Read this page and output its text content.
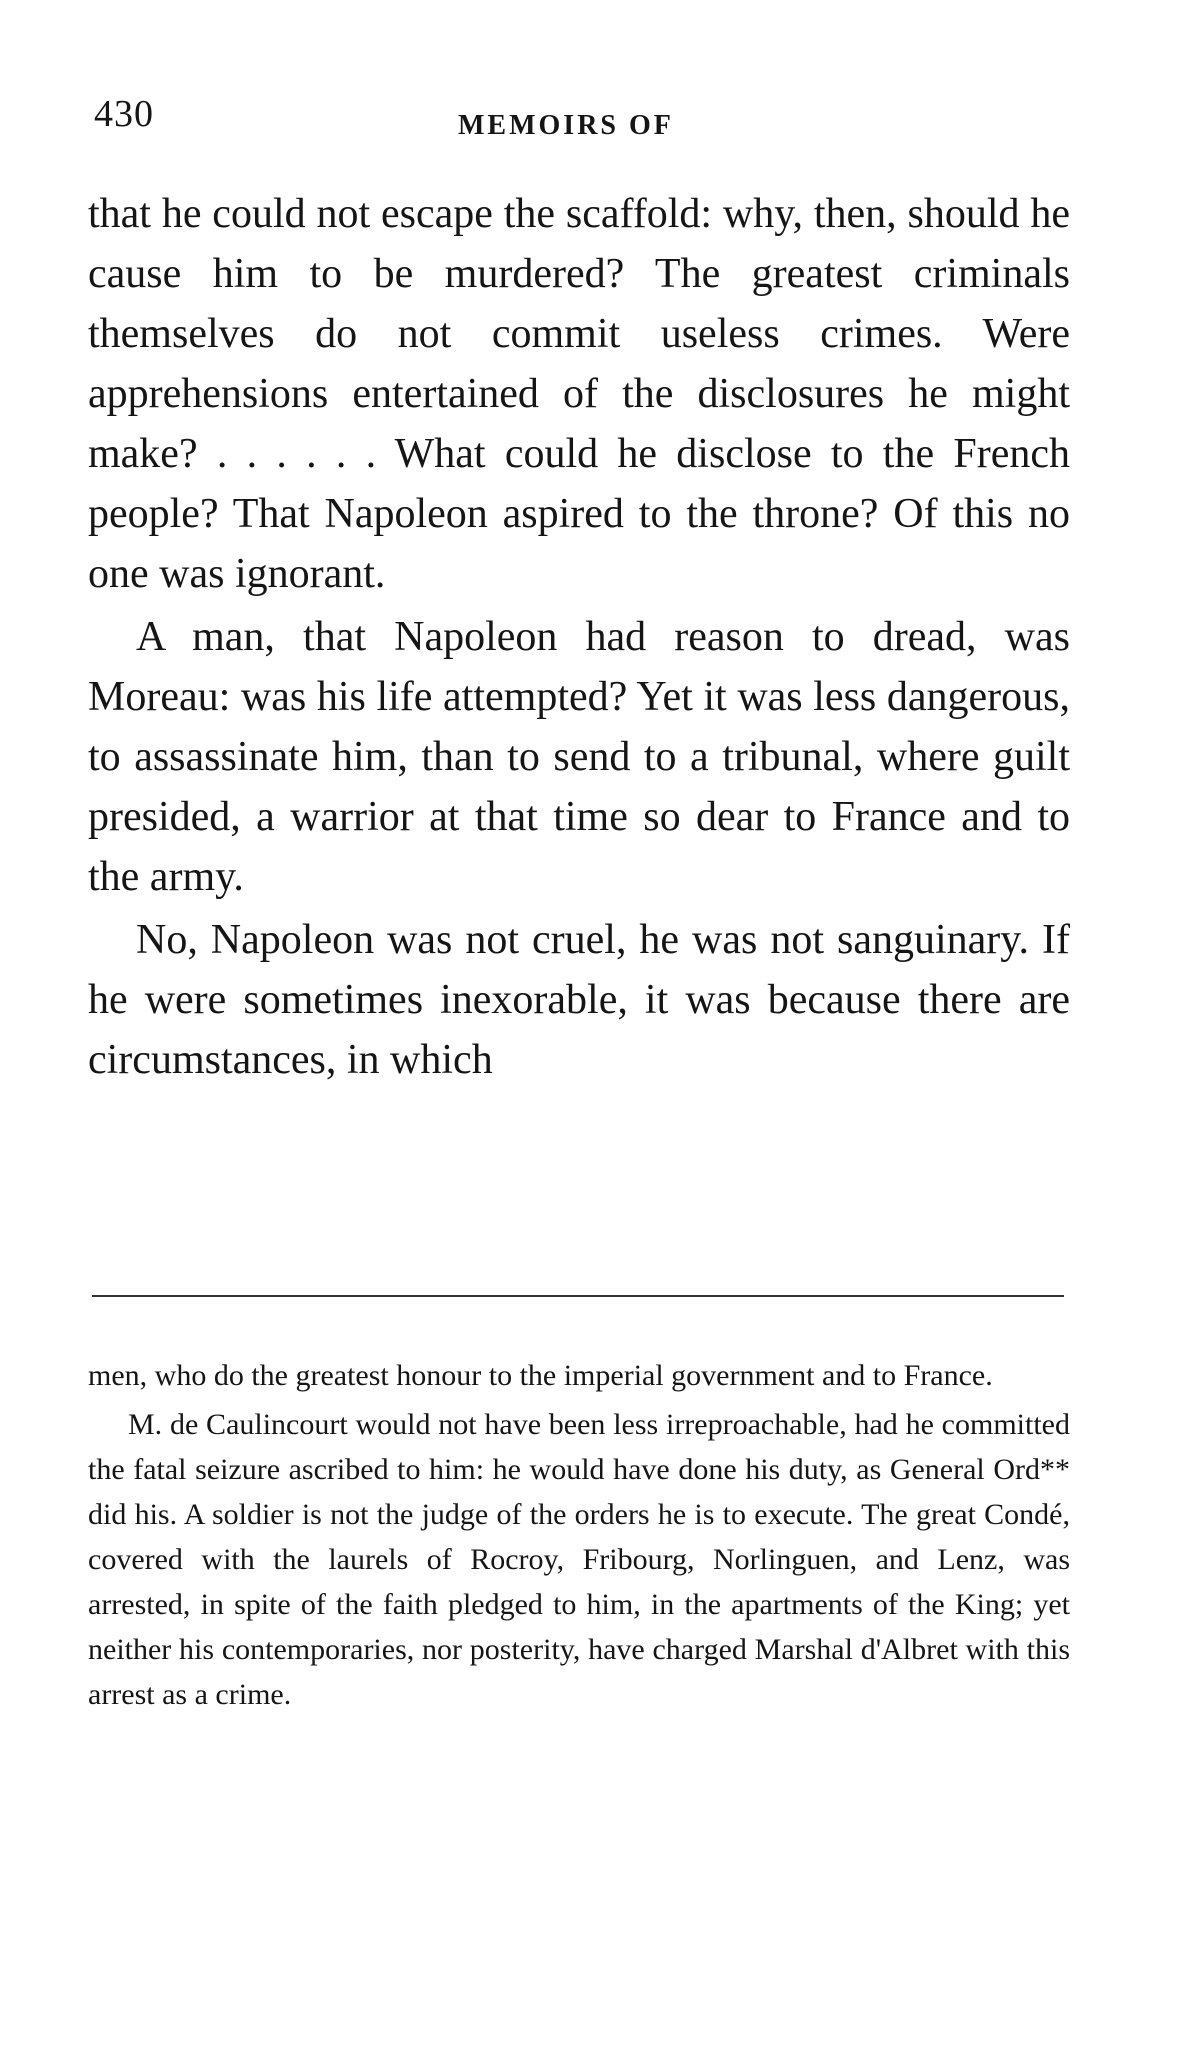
430	MEMOIRS OF

that he could not escape the scaffold: why, then, should he cause him to be murdered? The greatest criminals themselves do not commit useless crimes. Were apprehensions entertained of the disclosures he might make? . . . . . . What could he disclose to the French people? That Napoleon aspired to the throne? Of this no one was ignorant.

A man, that Napoleon had reason to dread, was Moreau: was his life attempted? Yet it was less dangerous, to assassinate him, than to send to a tribunal, where guilt presided, a warrior at that time so dear to France and to the army.

No, Napoleon was not cruel, he was not sanguinary. If he were sometimes inexorable, it was because there are circumstances, in which

men, who do the greatest honour to the imperial government and to France.

M. de Caulincourt would not have been less irreproachable, had he committed the fatal seizure ascribed to him: he would have done his duty, as General Ord** did his. A soldier is not the judge of the orders he is to execute. The great Condé, covered with the laurels of Rocroy, Fribourg, Norlinguen, and Lenz, was arrested, in spite of the faith pledged to him, in the apartments of the King; yet neither his contemporaries, nor posterity, have charged Marshal d'Albret with this arrest as a crime.
